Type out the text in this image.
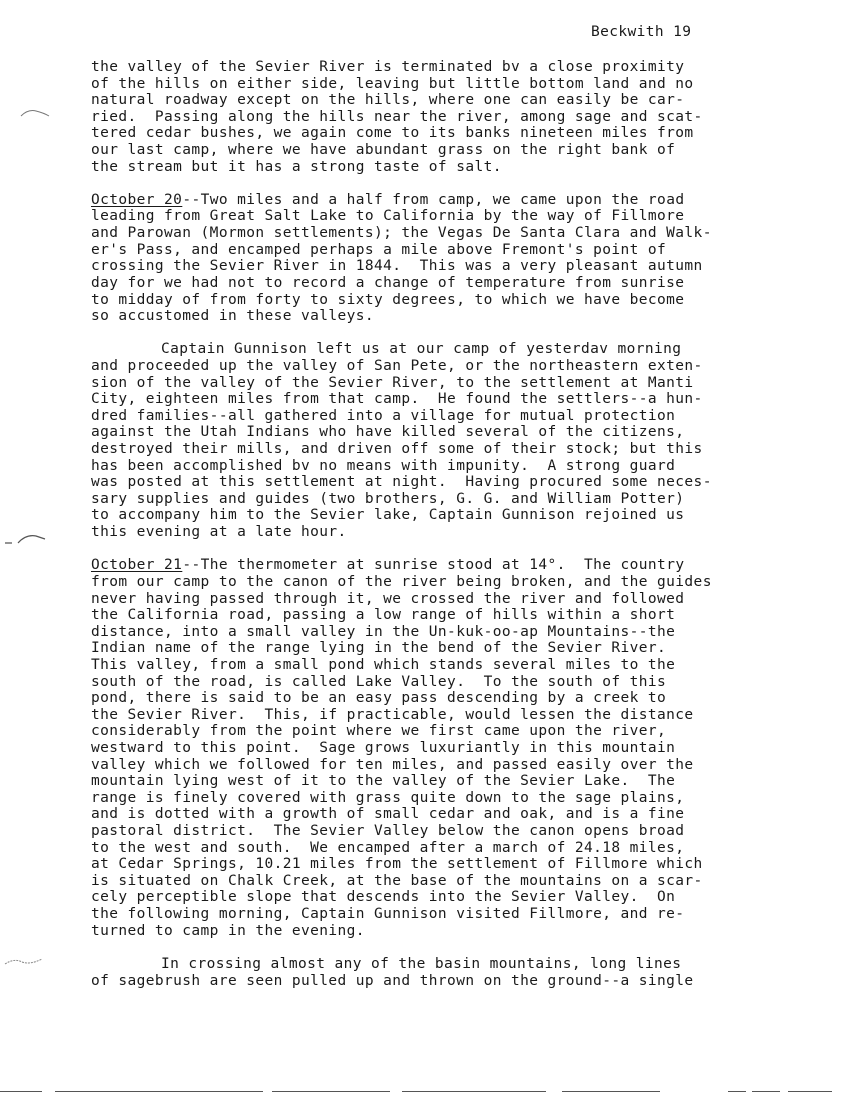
Beckwith 19
the valley of the Sevier River is terminated bv a close proximity
of the hills on either side, leaving but little bottom land and no
natural roadway except on the hills, where one can easily be car-
ried.  Passing along the hills near the river, among sage and scat-
tered cedar bushes, we again come to its banks nineteen miles from
our last camp, where we have abundant grass on the right bank of
the stream but it has a strong taste of salt.
October 20--Two miles and a half from camp, we came upon the road
leading from Great Salt Lake to California by the way of Fillmore
and Parowan (Mormon settlements); the Vegas De Santa Clara and Walk-
er's Pass, and encamped perhaps a mile above Fremont's point of
crossing the Sevier River in 1844.  This was a very pleasant autumn
day for we had not to record a change of temperature from sunrise
to midday of from forty to sixty degrees, to which we have become
so accustomed in these valleys.
Captain Gunnison left us at our camp of yesterdav morning
and proceeded up the valley of San Pete, or the northeastern exten-
sion of the valley of the Sevier River, to the settlement at Manti
City, eighteen miles from that camp.  He found the settlers--a hun-
dred families--all gathered into a village for mutual protection
against the Utah Indians who have killed several of the citizens,
destroyed their mills, and driven off some of their stock; but this
has been accomplished bv no means with impunity.  A strong guard
was posted at this settlement at night.  Having procured some neces-
sary supplies and guides (two brothers, G. G. and William Potter)
to accompany him to the Sevier lake, Captain Gunnison rejoined us
this evening at a late hour.
October 21--The thermometer at sunrise stood at 14°.  The country
from our camp to the canon of the river being broken, and the guides
never having passed through it, we crossed the river and followed
the California road, passing a low range of hills within a short
distance, into a small valley in the Un-kuk-oo-ap Mountains--the
Indian name of the range lying in the bend of the Sevier River.
This valley, from a small pond which stands several miles to the
south of the road, is called Lake Valley.  To the south of this
pond, there is said to be an easy pass descending by a creek to
the Sevier River.  This, if practicable, would lessen the distance
considerably from the point where we first came upon the river,
westward to this point.  Sage grows luxuriantly in this mountain
valley which we followed for ten miles, and passed easily over the
mountain lying west of it to the valley of the Sevier Lake.  The
range is finely covered with grass quite down to the sage plains,
and is dotted with a growth of small cedar and oak, and is a fine
pastoral district.  The Sevier Valley below the canon opens broad
to the west and south.  We encamped after a march of 24.18 miles,
at Cedar Springs, 10.21 miles from the settlement of Fillmore which
is situated on Chalk Creek, at the base of the mountains on a scar-
cely perceptible slope that descends into the Sevier Valley.  On
the following morning, Captain Gunnison visited Fillmore, and re-
turned to camp in the evening.
In crossing almost any of the basin mountains, long lines
of sagebrush are seen pulled up and thrown on the ground--a single
